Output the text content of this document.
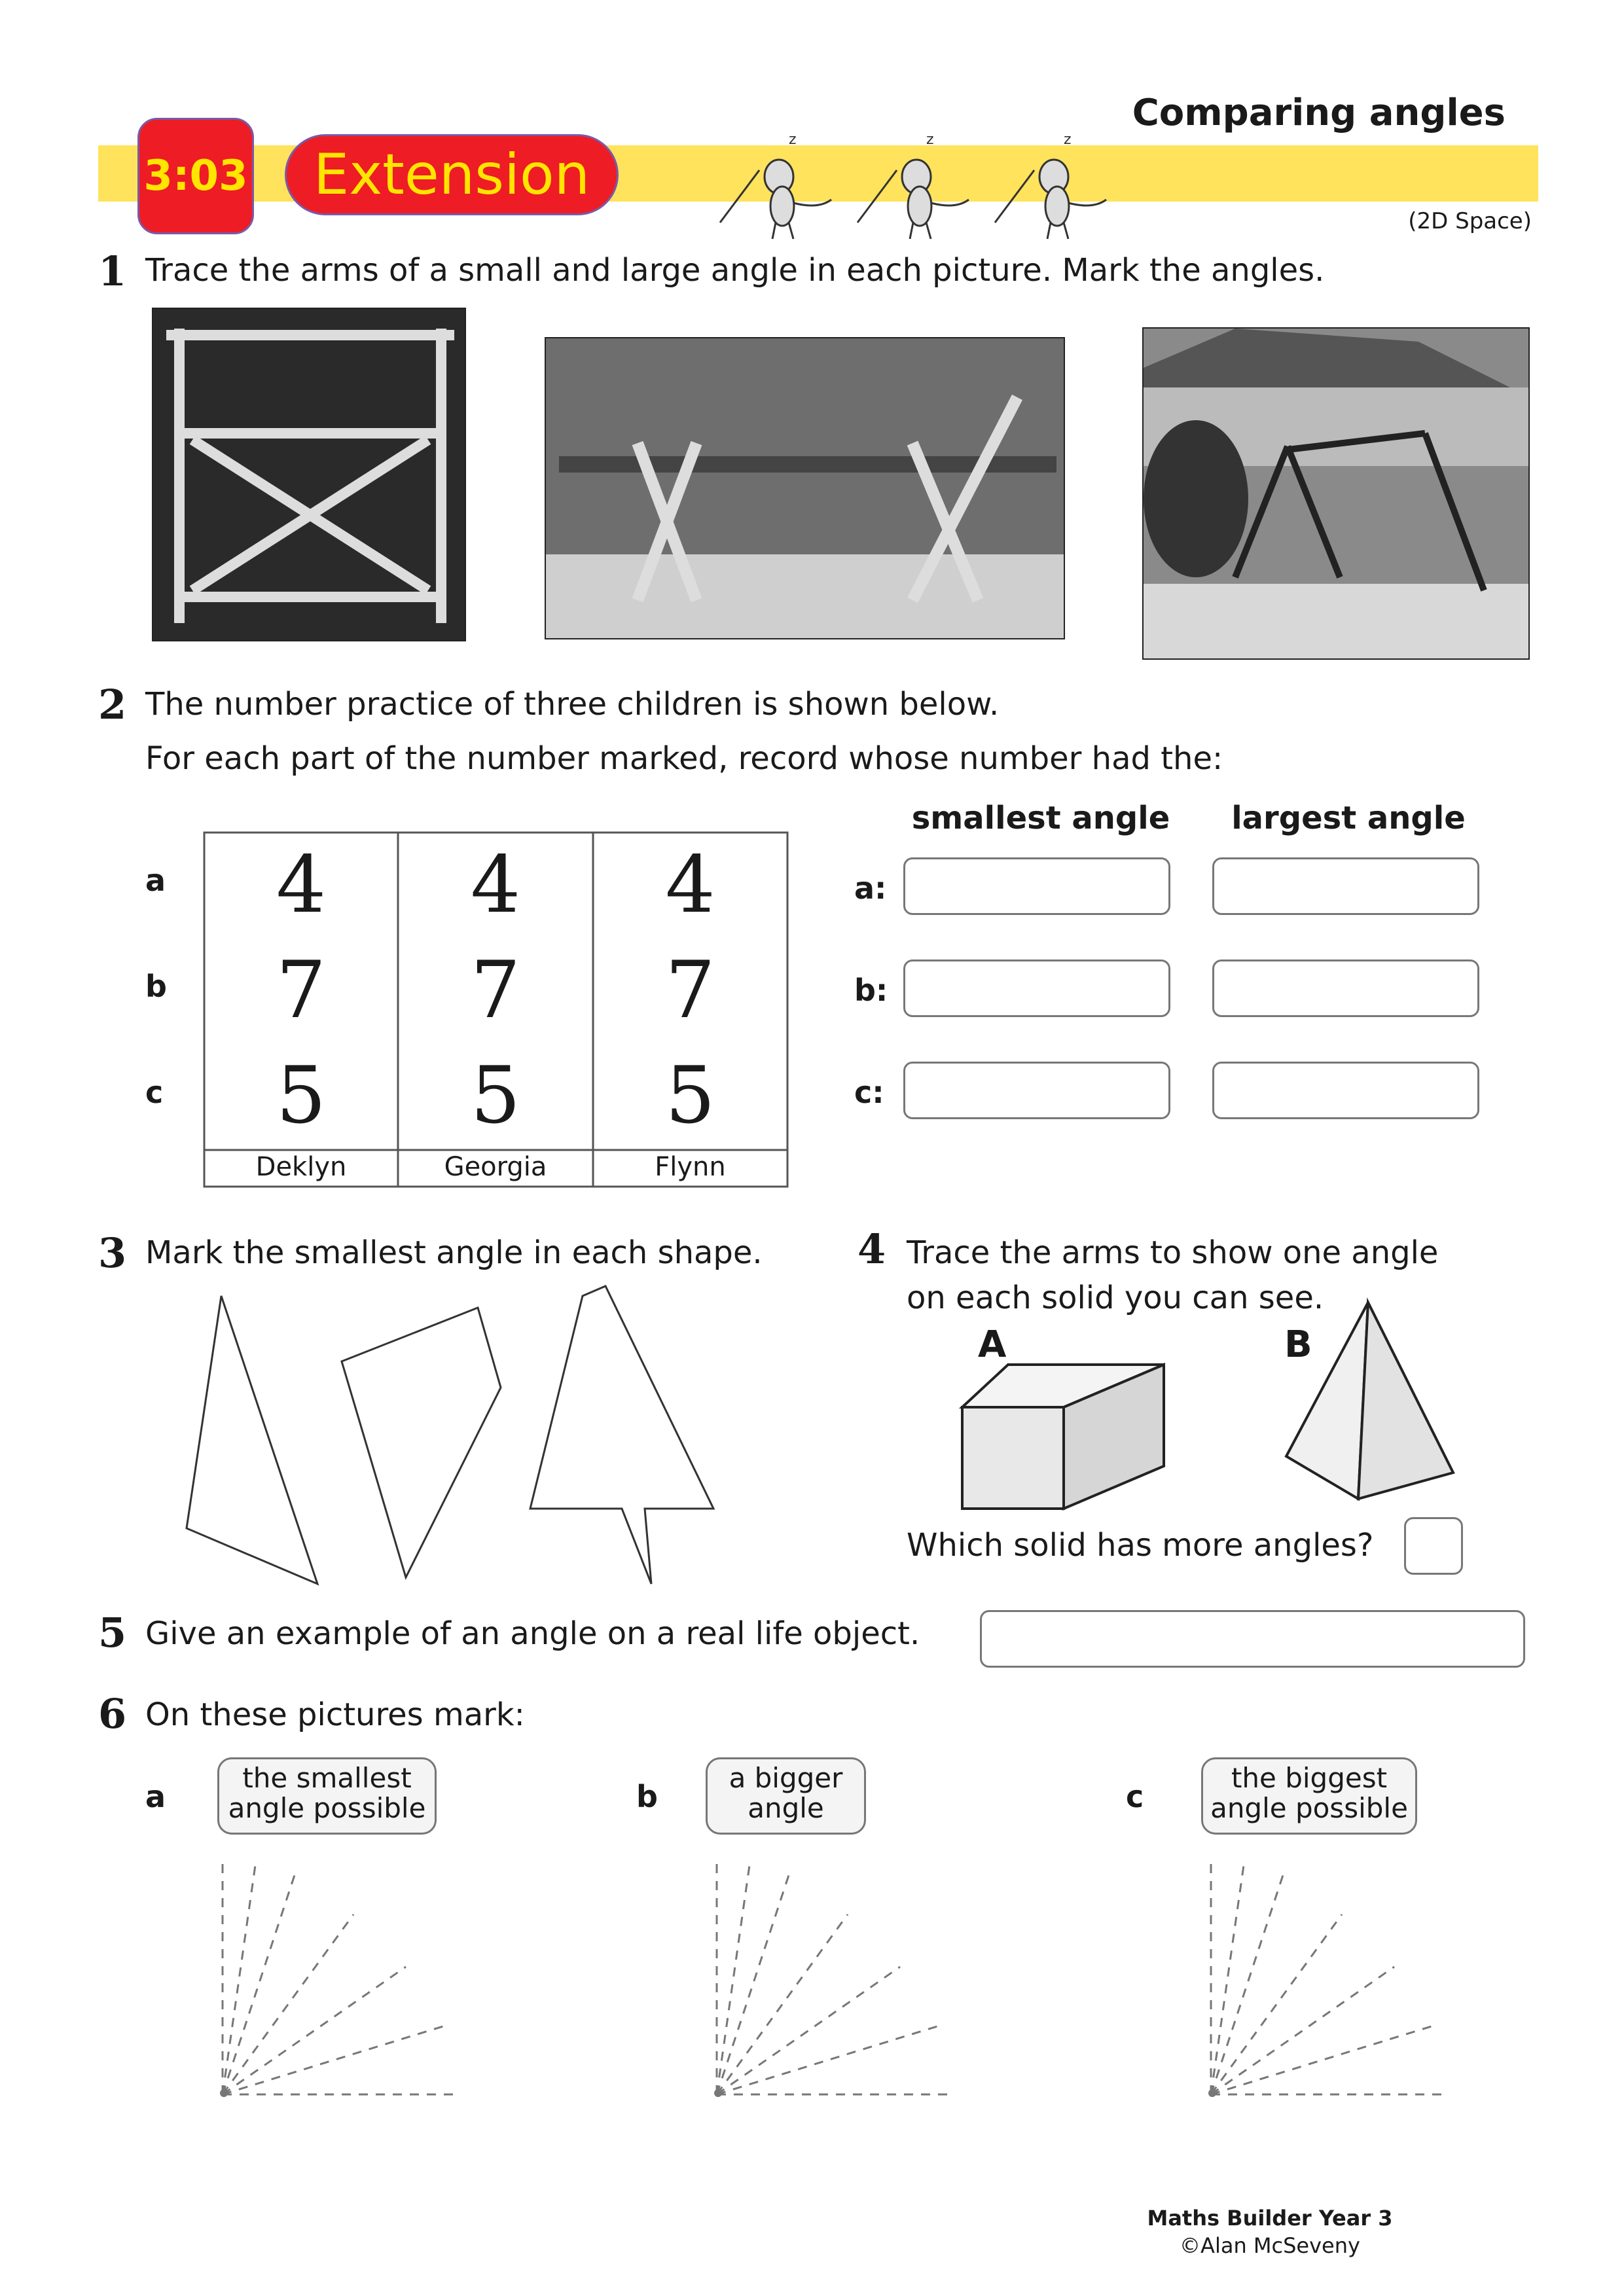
Comparing angles
3:03	Extension
z	z	z
(2D Space)
1 Trace the arms of a small and large angle in each picture. Mark the angles.
2 The number practice of three children is shown below.
For each part of the number marked, record whose number had the:
smallest angle	largest angle
a
b
c
4	4	4
7	7	7
5	5	5
Deklyn	Georgia	Flynn
a:
b:
c:
3 Mark the smallest angle in each shape. 4 Trace the arms to show one angle
on each solid you can see.
A	B
Which solid has more angles?
5 Give an example of an angle on a real life object.
6 On these pictures mark:
a
the smallest
angle possible	b
a bigger
angle	c
the biggest
angle possible
Maths Builder Year 3
©Alan McSeveny
